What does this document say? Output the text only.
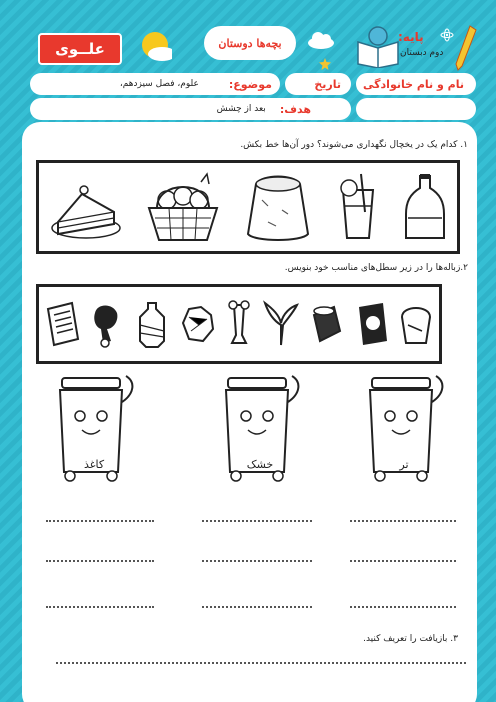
علــوی	بچه‌ها دوستان	پایه:
دوم دبستان
نام و نام خانوادگی
تاریخ
موضوع:
علوم، فصل سیزدهم،
هدف:
بعد از چشش
۱. کدام یک در یخچال نگهداری می‌شوند؟ دور آن‌ها خط بکش.
۲.زباله‌ها را در زیر سطل‌های مناسب خود بنویس.
تر
خشک
کاغذ
۳. بازیافت را تعریف کنید.
